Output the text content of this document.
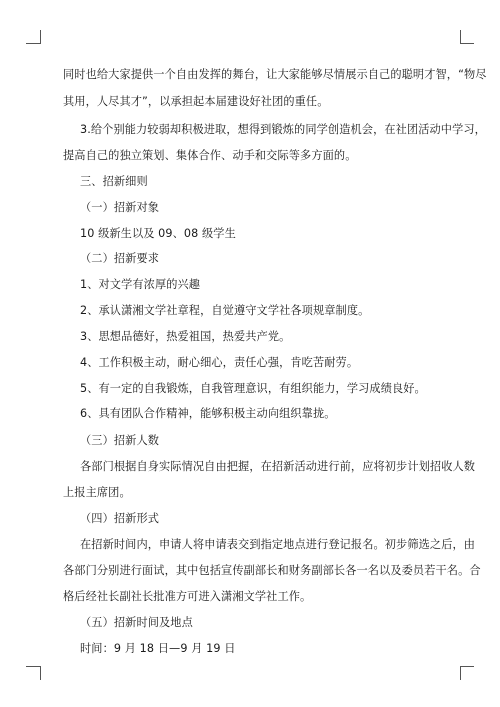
同时也给大家提供一个自由发挥的舞台，让大家能够尽情展示自己的聪明才智，“物尽
其用，人尽其才”，以承担起本届建设好社团的重任。
3.给个别能力较弱却积极进取，想得到锻炼的同学创造机会，在社团活动中学习，
提高自己的独立策划、集体合作、动手和交际等多方面的。
三、招新细则
（一）招新对象
10 级新生以及 09、08 级学生
（二）招新要求
1、对文学有浓厚的兴趣
2、承认潇湘文学社章程，自觉遵守文学社各项规章制度。
3、思想品德好，热爱祖国，热爱共产党。
4、工作积极主动，耐心细心，责任心强，肯吃苦耐劳。
5、有一定的自我锻炼，自我管理意识，有组织能力，学习成绩良好。
6、具有团队合作精神，能够积极主动向组织靠拢。
（三）招新人数
各部门根据自身实际情况自由把握，在招新活动进行前，应将初步计划招收人数
上报主席团。
（四）招新形式
在招新时间内，申请人将申请表交到指定地点进行登记报名。初步筛选之后，由
各部门分别进行面试，其中包括宣传副部长和财务副部长各一名以及委员若干名。合
格后经社长副社长批准方可进入潇湘文学社工作。
（五）招新时间及地点
时间：9 月 18 日—9 月 19 日
